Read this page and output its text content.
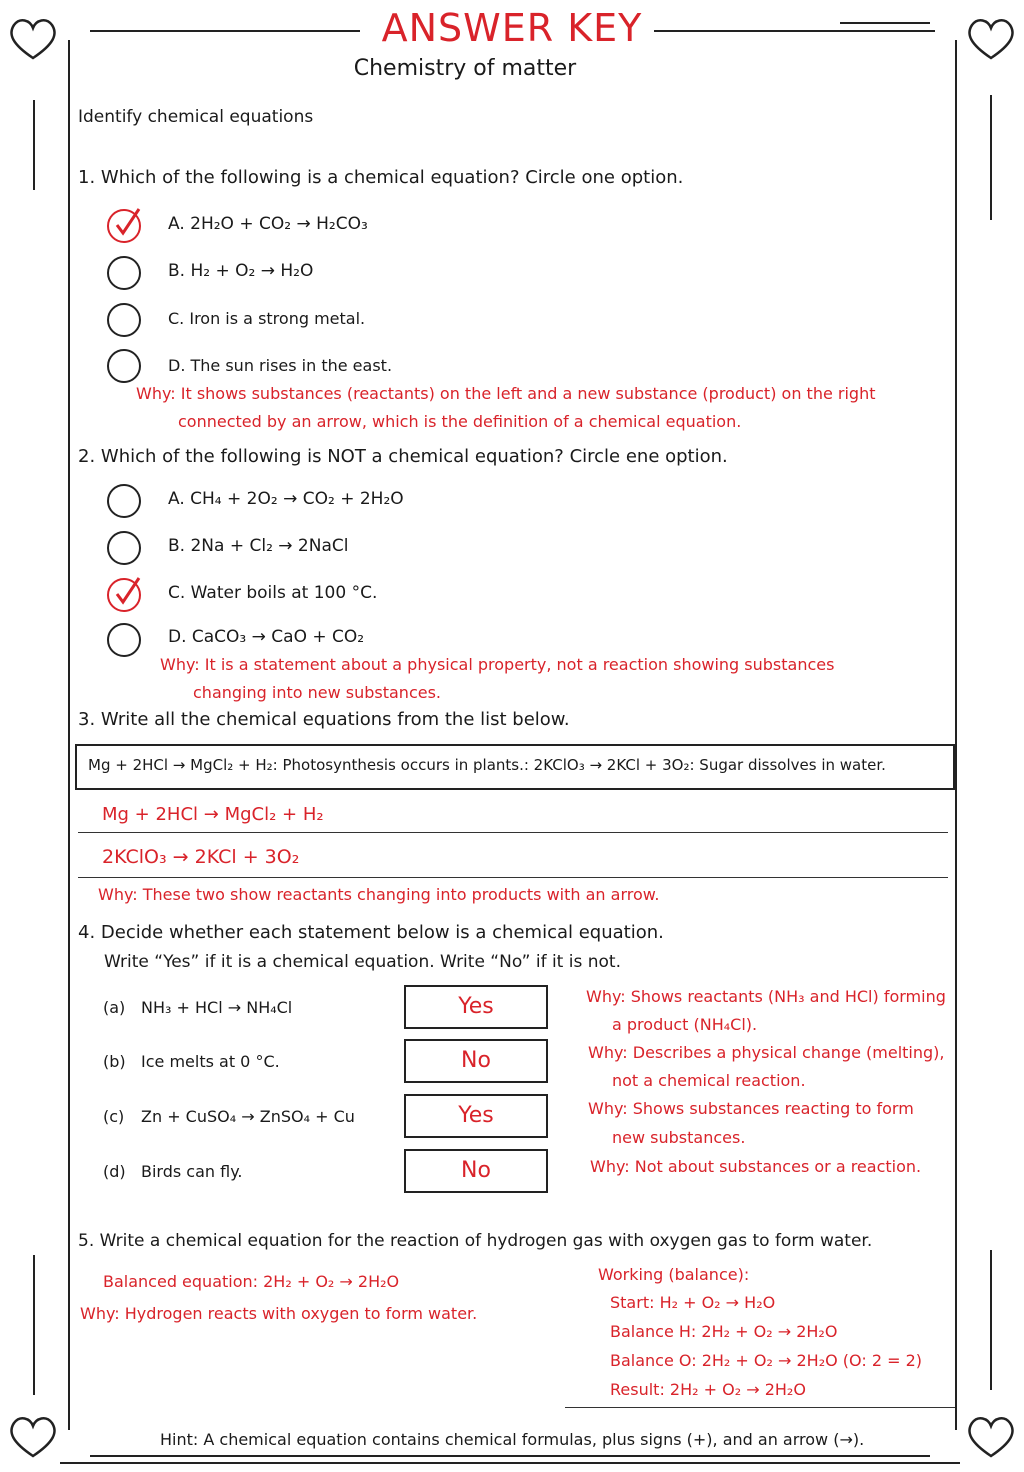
ANSWER KEY
Chemistry of matter
Identify chemical equations
1. Which of the following is a chemical equation? Circle one option.
A. 2H₂O + CO₂ → H₂CO₃
B. H₂ + O₂ → H₂O
C. Iron is a strong metal.
D. The sun rises in the east.
Why: It shows substances (reactants) on the left and a new substance (product) on the right
connected by an arrow, which is the definition of a chemical equation.
2. Which of the following is NOT a chemical equation? Circle ene option.
A. CH₄ + 2O₂ → CO₂ + 2H₂O
B. 2Na + Cl₂ → 2NaCl
C. Water boils at 100 °C.
D. CaCO₃ → CaO + CO₂
Why: It is a statement about a physical property, not a reaction showing substances
changing into new substances.
3. Write all the chemical equations from the list below.
Mg + 2HCl → MgCl₂ + H₂: Photosynthesis occurs in plants.: 2KClO₃ → 2KCl + 3O₂: Sugar dissolves in water.
Mg + 2HCl → MgCl₂ + H₂
2KClO₃ → 2KCl + 3O₂
Why: These two show reactants changing into products with an arrow.
4. Decide whether each statement below is a chemical equation.
Write “Yes” if it is a chemical equation. Write “No” if it is not.
(a) NH₃ + HCl → NH₄Cl	Yes	Why: Shows reactants (NH₃ and HCl) forming
a product (NH₄Cl).
(b) Ice melts at 0 °C.	No	Why: Describes a physical change (melting),
not a chemical reaction.
(c) Zn + CuSO₄ → ZnSO₄ + Cu	Yes	Why: Shows substances reacting to form
new substances.
(d) Birds can fly.	No	Why: Not about substances or a reaction.
5. Write a chemical equation for the reaction of hydrogen gas with oxygen gas to form water.
Balanced equation: 2H₂ + O₂ → 2H₂O
Why: Hydrogen reacts with oxygen to form water.
Working (balance):
Start: H₂ + O₂ → H₂O
Balance H: 2H₂ + O₂ → 2H₂O
Balance O: 2H₂ + O₂ → 2H₂O (O: 2 = 2)
Result: 2H₂ + O₂ → 2H₂O
Hint: A chemical equation contains chemical formulas, plus signs (+), and an arrow (→).
